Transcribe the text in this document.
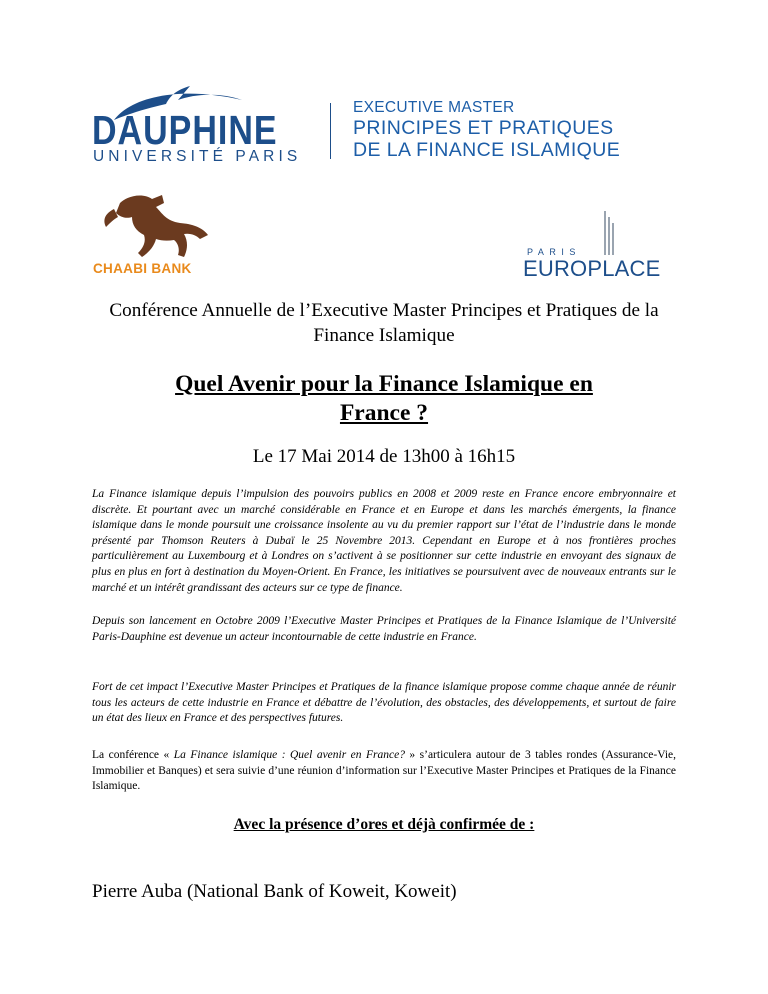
DAUPHINE
UNIVERSITÉ PARIS
EXECUTIVE MASTER
PRINCIPES ET PRATIQUES
DE LA FINANCE ISLAMIQUE
CHAABI BANK
PARIS
EUROPLACE
Conférence Annuelle de l’Executive Master Principes et Pratiques de la Finance Islamique
Quel Avenir pour la Finance Islamique en
France ?
Le 17 Mai 2014 de 13h00 à 16h15

La Finance islamique depuis l’impulsion des pouvoirs publics en 2008 et 2009 reste en France encore embryonnaire et discrète. Et pourtant avec un marché considérable en France et en Europe et dans les marchés émergents, la finance islamique dans le monde poursuit une croissance insolente au vu du premier rapport sur l’état de l’industrie dans le monde présenté par Thomson Reuters à Dubaï le 25 Novembre 2013. Cependant en Europe et à nos frontières proches particulièrement au Luxembourg et à Londres on s’activent à se positionner sur cette industrie en envoyant des signaux de plus en plus en fort à destination du Moyen-Orient. En France, les initiatives se poursuivent avec de nouveaux entrants sur le marché et un intérêt grandissant des acteurs sur ce type de finance.

Depuis son lancement en Octobre 2009 l’Executive Master Principes et Pratiques de la Finance Islamique de l’Université Paris-Dauphine est devenue un acteur incontournable de cette industrie en France.

Fort de cet impact l’Executive Master Principes et Pratiques de la finance islamique propose comme chaque année de réunir tous les acteurs de cette industrie en France et débattre de l’évolution, des obstacles, des développements, et surtout de faire un état des lieux en France et des perspectives futures.

La conférence « La Finance islamique : Quel avenir en France? » s’articulera autour de 3 tables rondes (Assurance-Vie, Immobilier et Banques) et sera suivie d’une réunion d’information sur l’Executive Master Principes et Pratiques de la Finance Islamique.

Avec la présence d’ores et déjà confirmée de :
Pierre Auba (National Bank of Koweit, Koweit)
